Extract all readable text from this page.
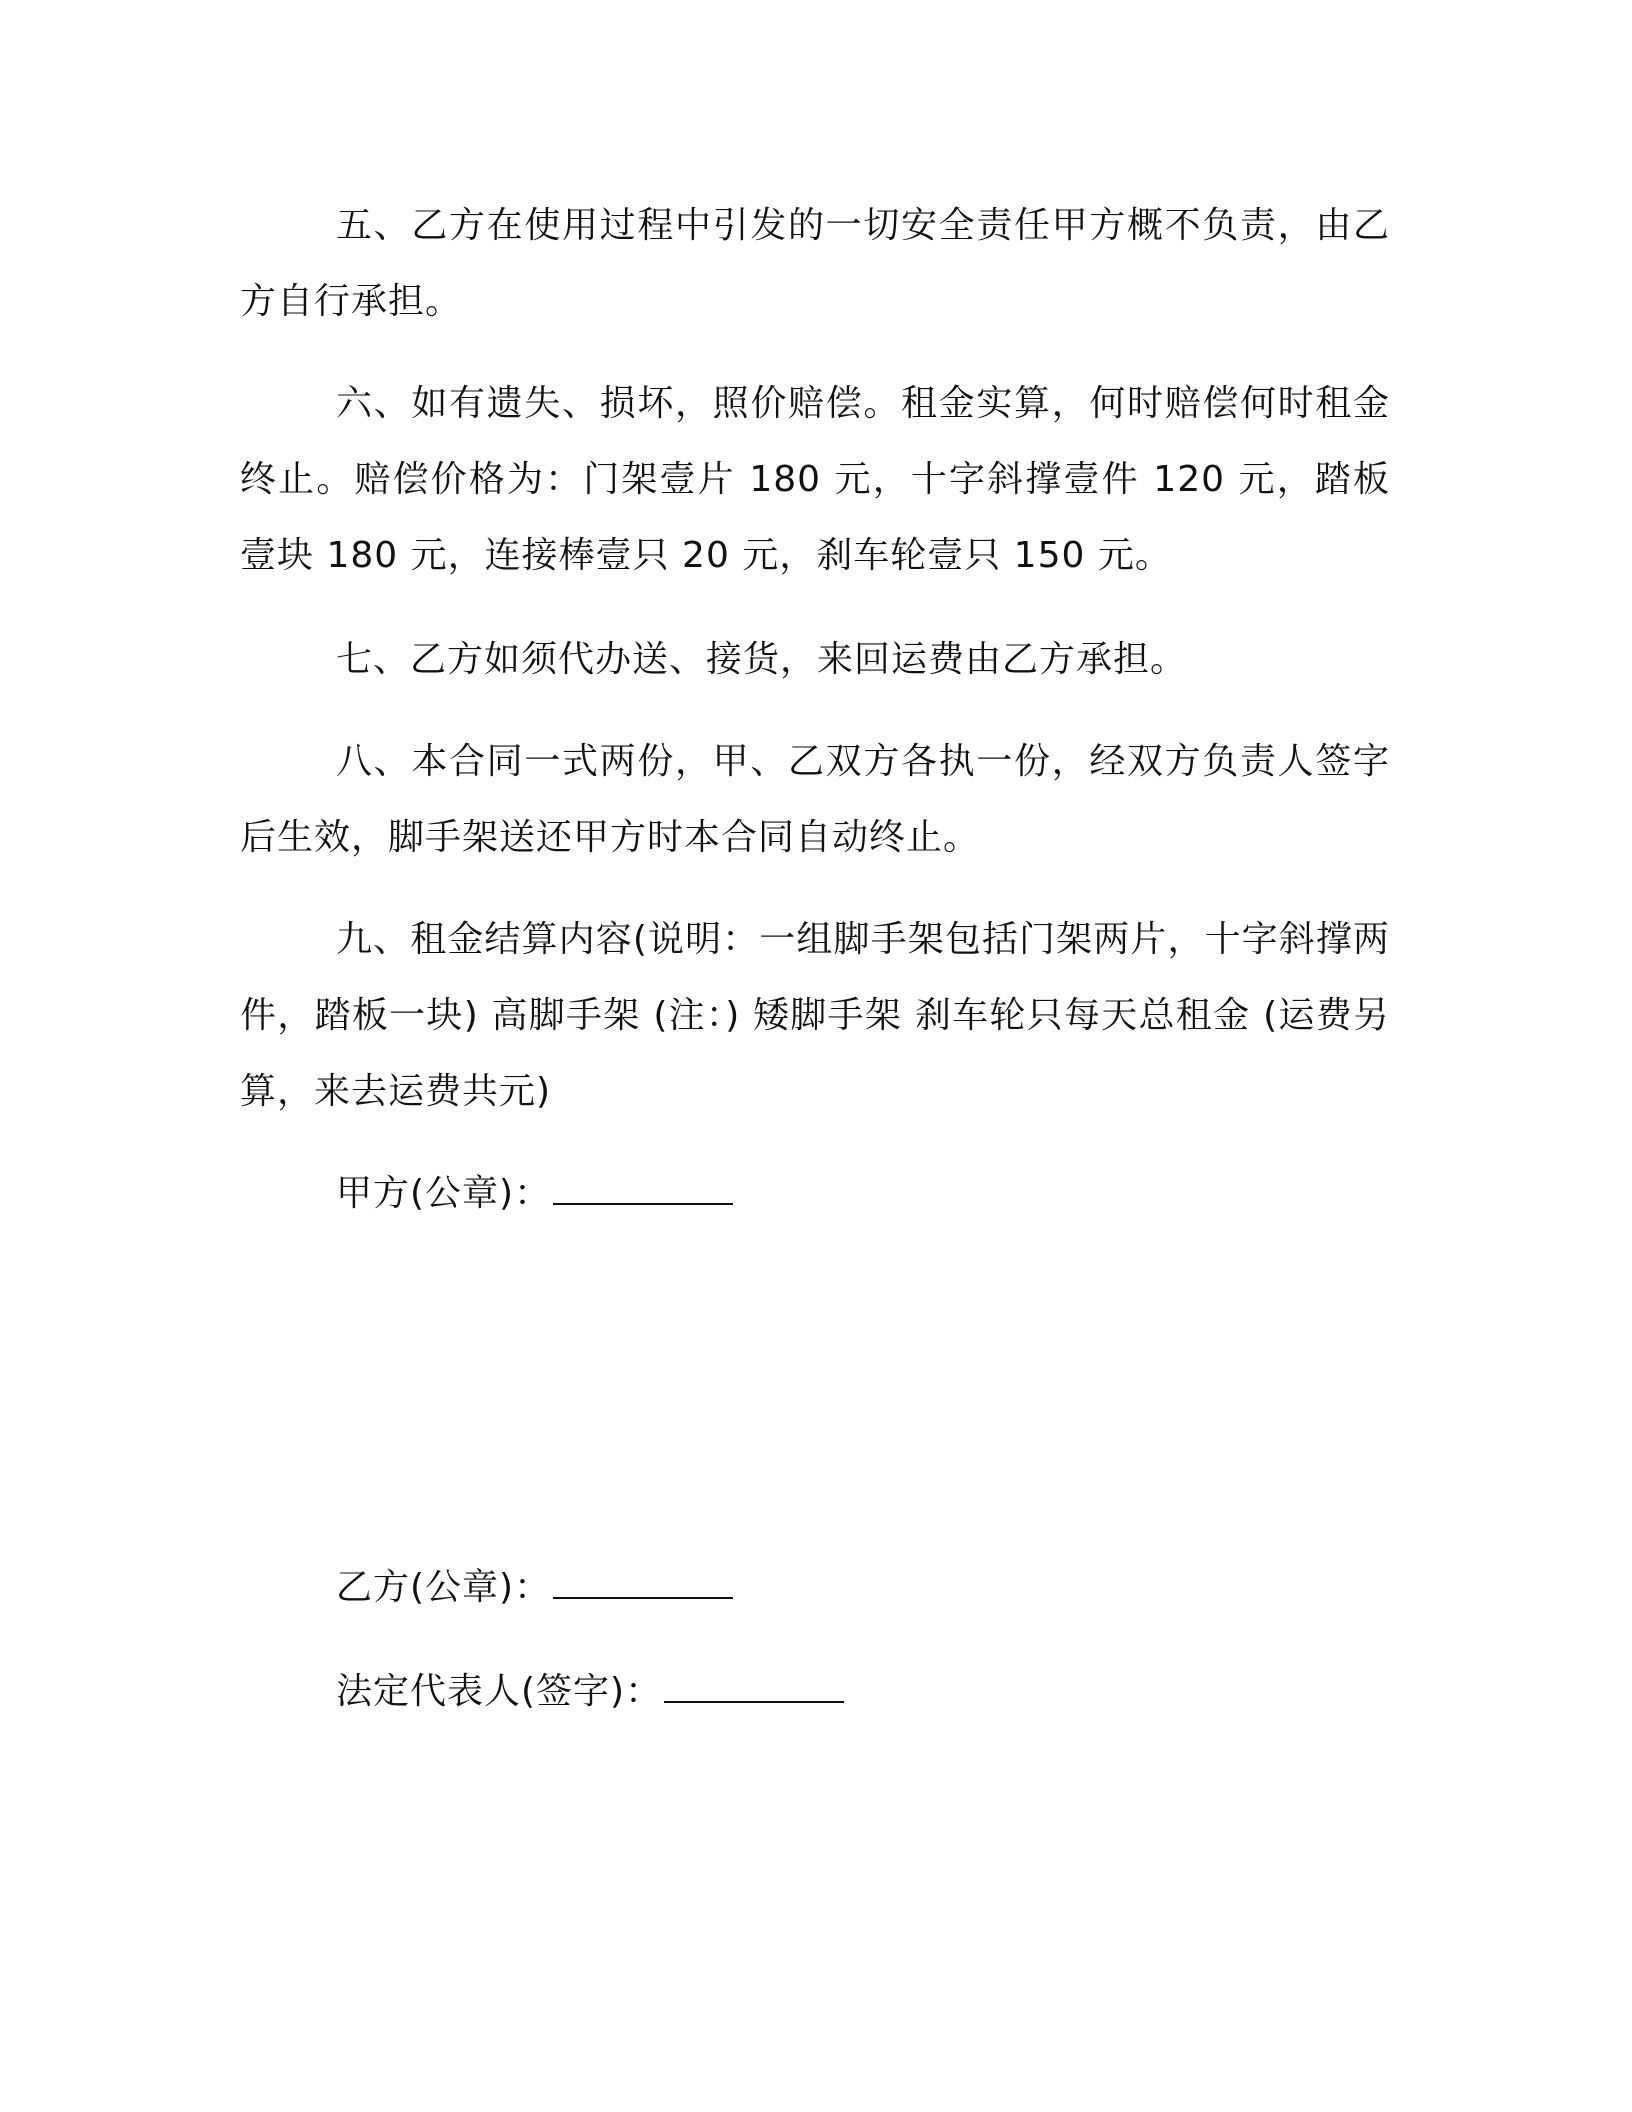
五、乙方在使用过程中引发的一切安全责任甲方概不负责，由乙方自行承担。

六、如有遗失、损坏，照价赔偿。租金实算，何时赔偿何时租金终止。赔偿价格为：门架壹片 180 元，十字斜撑壹件 120 元，踏板壹块 180 元，连接棒壹只 20 元，刹车轮壹只 150 元。

七、乙方如须代办送、接货，来回运费由乙方承担。

八、本合同一式两份，甲、乙双方各执一份，经双方负责人签字后生效，脚手架送还甲方时本合同自动终止。

九、租金结算内容(说明：一组脚手架包括门架两片，十字斜撑两件，踏板一块) 高脚手架 (注：) 矮脚手架 刹车轮只每天总租金 (运费另算，来去运费共元)

甲方(公章)：

乙方(公章)：

法定代表人(签字)：
